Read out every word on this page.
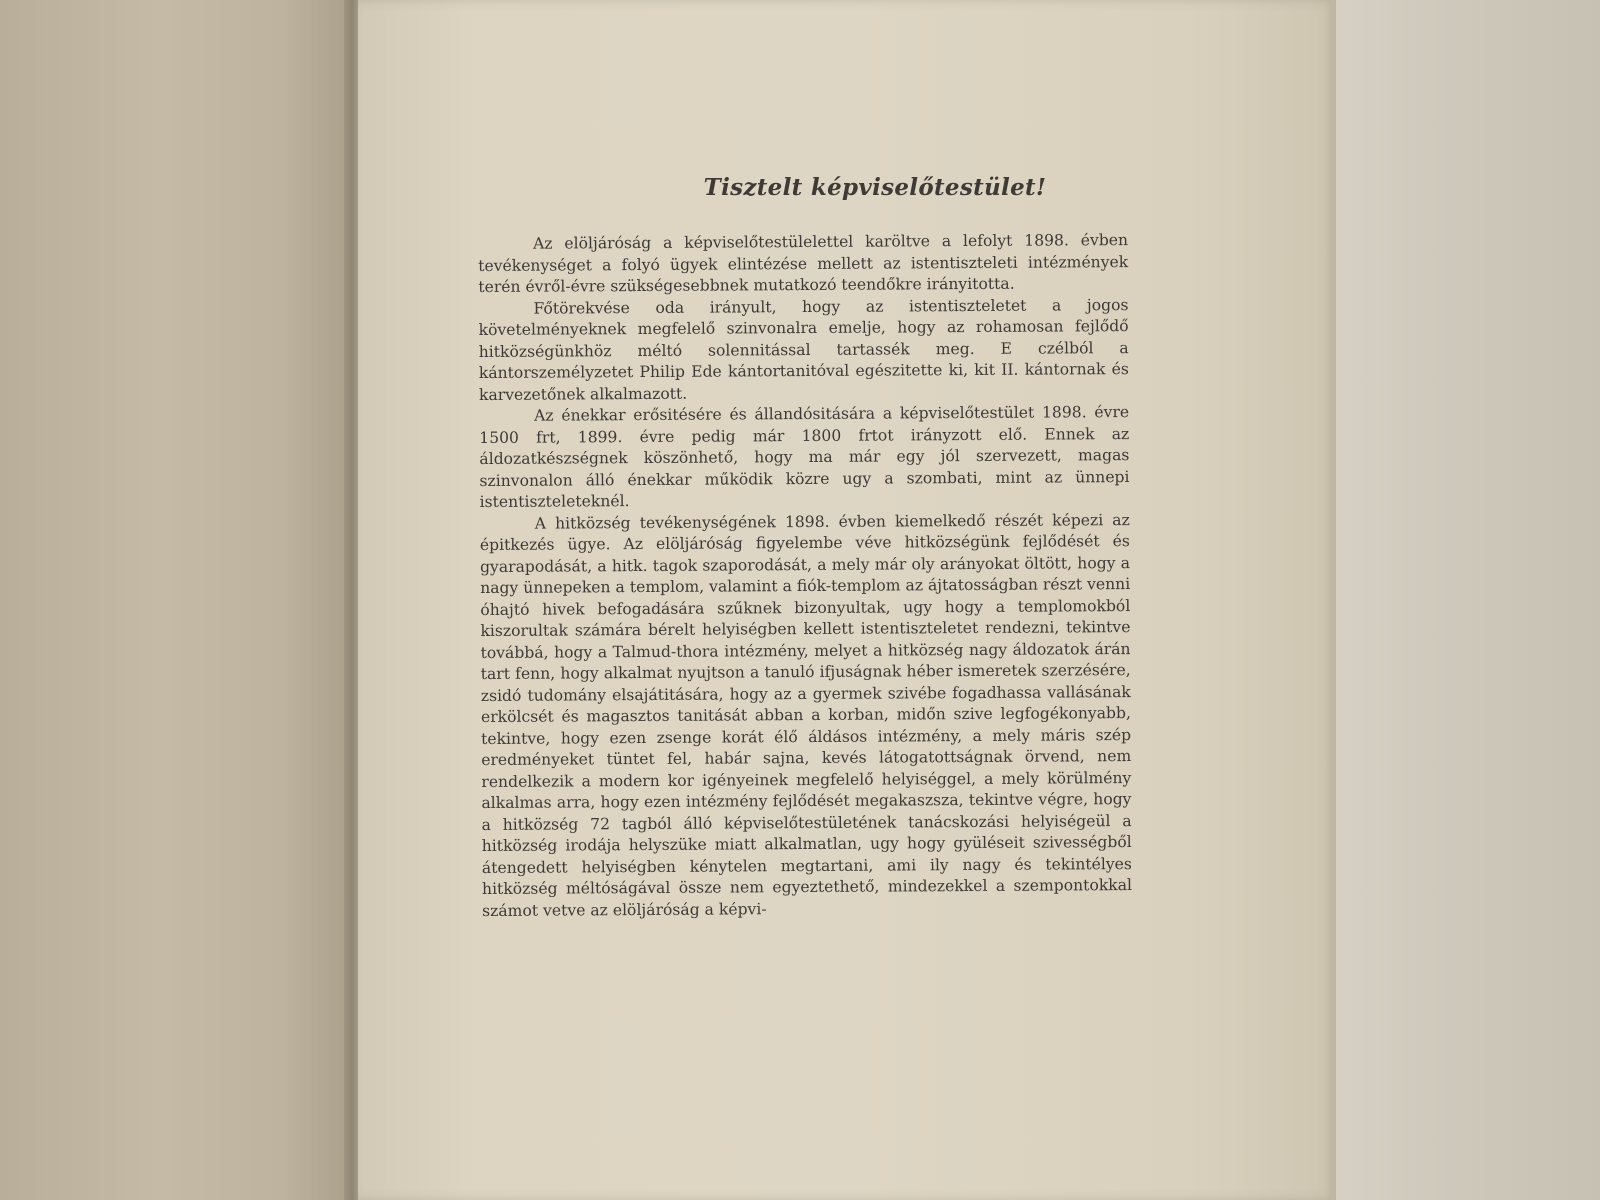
Tisztelt képviselőtestület!

Az elöljáróság a képviselőtestülelettel karöltve a lefolyt 1898. évben tevékenységet a folyó ügyek elintézése mellett az istentiszteleti intézmények terén évről-évre szükségesebbnek mutatkozó teendőkre irányitotta.

Főtörekvése oda irányult, hogy az istentiszteletet a jogos követelményeknek megfelelő szinvonalra emelje, hogy az rohamosan fejlődő hitközségünkhöz méltó solennitással tartassék meg. E czélból a kántorszemélyzetet Philip Ede kántortanitóval egészitette ki, kit II. kántornak és karvezetőnek alkalmazott.

Az énekkar erősitésére és állandósitására a képviselőtestület 1898. évre 1500 frt, 1899. évre pedig már 1800 frtot irányzott elő. Ennek az áldozatkészségnek köszönhető, hogy ma már egy jól szervezett, magas szinvonalon álló énekkar működik közre ugy a szombati, mint az ünnepi istentiszteleteknél.

A hitközség tevékenységének 1898. évben kiemelkedő részét képezi az épitkezés ügye. Az elöljáróság figyelembe véve hitközségünk fejlődését és gyarapodását, a hitk. tagok szaporodását, a mely már oly arányokat öltött, hogy a nagy ünnepeken a templom, valamint a fiók-templom az ájtatosságban részt venni óhajtó hivek befogadására szűknek bizonyultak, ugy hogy a templomokból kiszorultak számára bérelt helyiségben kellett istentiszteletet rendezni, tekintve továbbá, hogy a Talmud-thora intézmény, melyet a hitközség nagy áldozatok árán tart fenn, hogy alkalmat nyujtson a tanuló ifjuságnak héber ismeretek szerzésére, zsidó tudomány elsajátitására, hogy az a gyermek szivébe fogadhassa vallásának erkölcsét és magasztos tanitását abban a korban, midőn szive legfogékonyabb, tekintve, hogy ezen zsenge korát élő áldásos intézmény, a mely máris szép eredményeket tüntet fel, habár sajna, kevés látogatottságnak örvend, nem rendelkezik a modern kor igényeinek megfelelő helyiséggel, a mely körülmény alkalmas arra, hogy ezen intézmény fejlődését megakaszsza, tekintve végre, hogy a hitközség 72 tagból álló képviselőtestületének tanácskozási helyiségeül a hitközség irodája helyszüke miatt alkalmatlan, ugy hogy gyüléseit szivességből átengedett helyiségben kénytelen megtartani, ami ily nagy és tekintélyes hitközség méltóságával össze nem egyeztethető, mindezekkel a szempontokkal számot vetve az elöljáróság a képvi-
